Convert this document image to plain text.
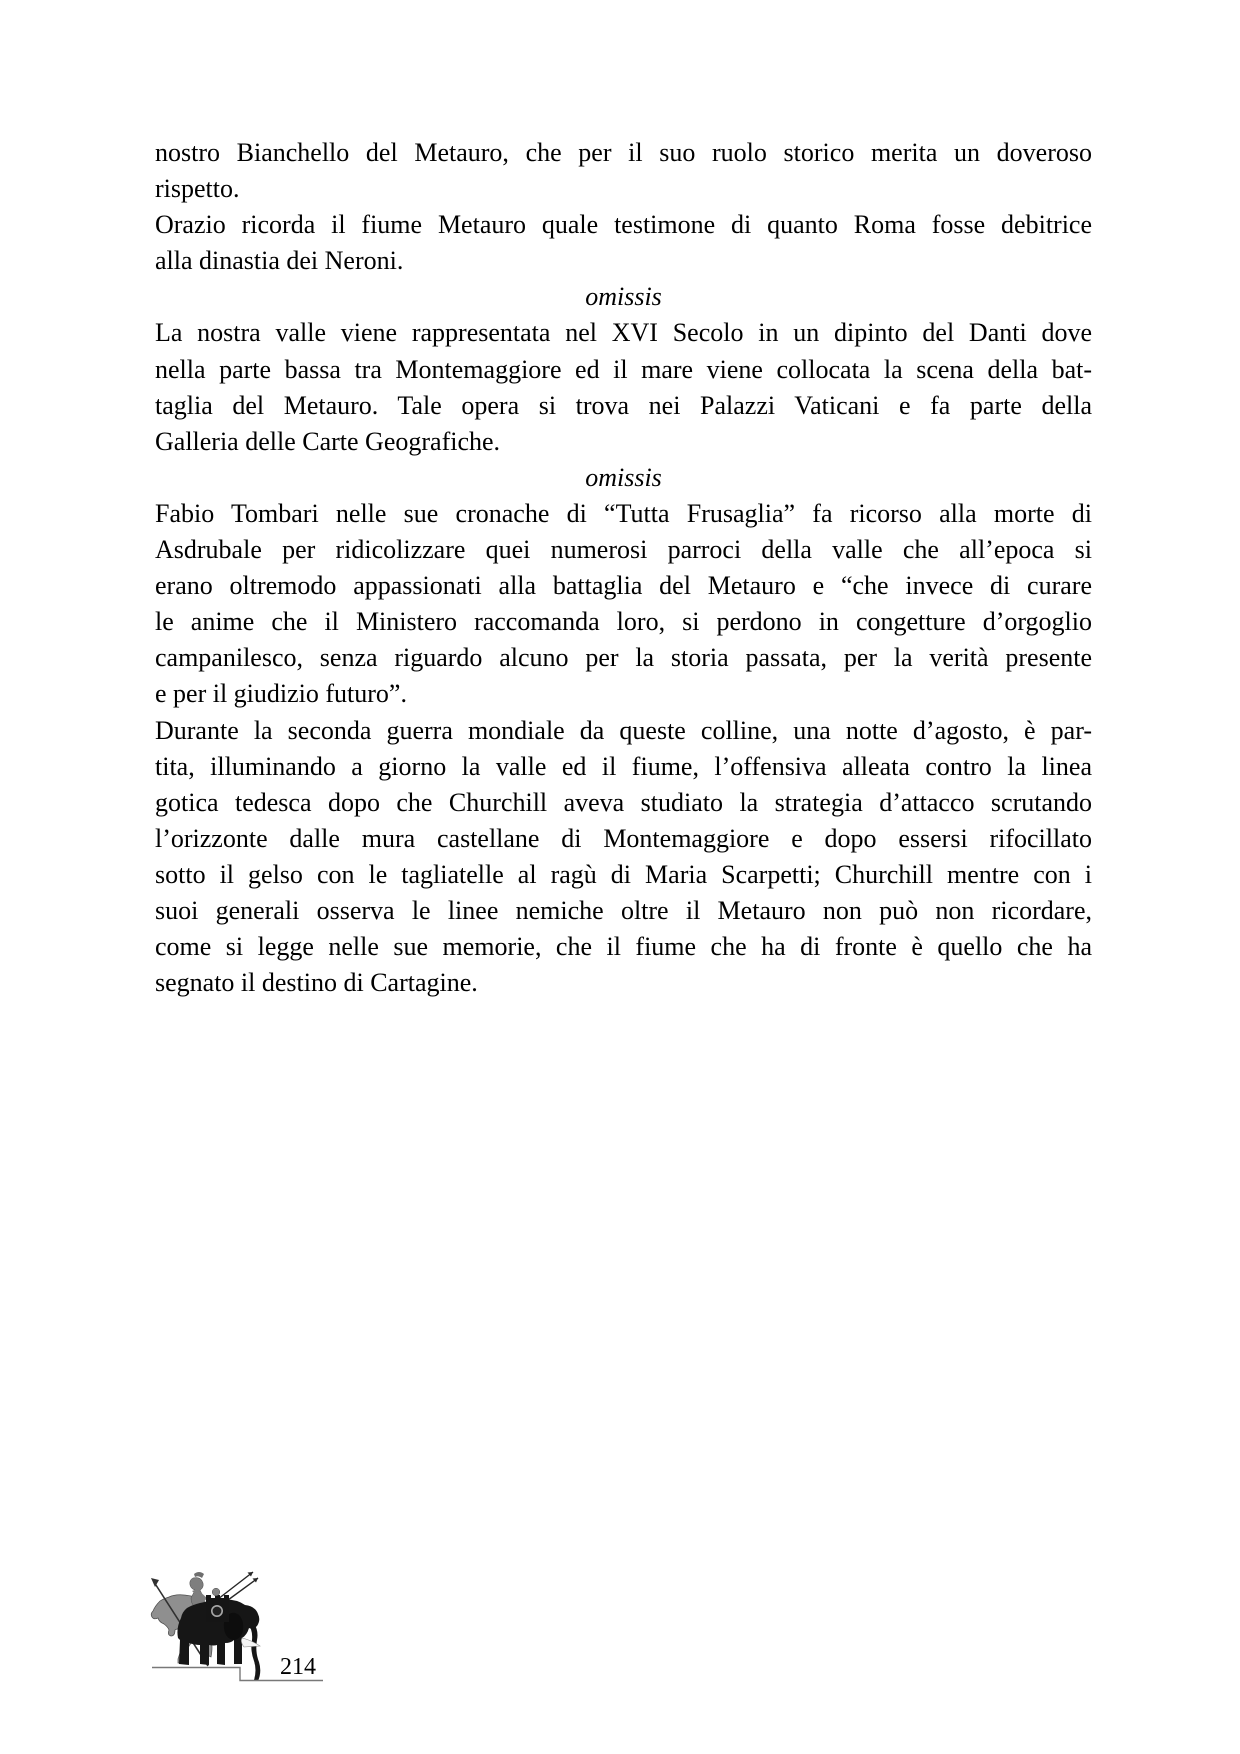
nostro Bianchello del Metauro, che per il suo ruolo storico merita un doveroso
rispetto.
Orazio ricorda il fiume Metauro quale testimone di quanto Roma fosse debitrice
alla dinastia dei Neroni.
omissis
La nostra valle viene rappresentata nel XVI Secolo in un dipinto del Danti dove
nella parte bassa tra Montemaggiore ed il mare viene collocata la scena della bat-
taglia del Metauro. Tale opera si trova nei Palazzi Vaticani e fa parte della
Galleria delle Carte Geografiche.
omissis
Fabio Tombari nelle sue cronache di “Tutta Frusaglia” fa ricorso alla morte di
Asdrubale per ridicolizzare quei numerosi parroci della valle che all’epoca si
erano oltremodo appassionati alla battaglia del Metauro e “che invece di curare
le anime che il Ministero raccomanda loro, si perdono in congetture d’orgoglio
campanilesco, senza riguardo alcuno per la storia passata, per la verità presente
e per il giudizio futuro”.
Durante la seconda guerra mondiale da queste colline, una notte d’agosto, è par-
tita, illuminando a giorno la valle ed il fiume, l’offensiva alleata contro la linea
gotica tedesca dopo che Churchill aveva studiato la strategia d’attacco scrutando
l’orizzonte dalle mura castellane di Montemaggiore e dopo essersi rifocillato
sotto il gelso con le tagliatelle al ragù di Maria Scarpetti; Churchill mentre con i
suoi generali osserva le linee nemiche oltre il Metauro non può non ricordare,
come si legge nelle sue memorie, che il fiume che ha di fronte è quello che ha
segnato il destino di Cartagine.
214
